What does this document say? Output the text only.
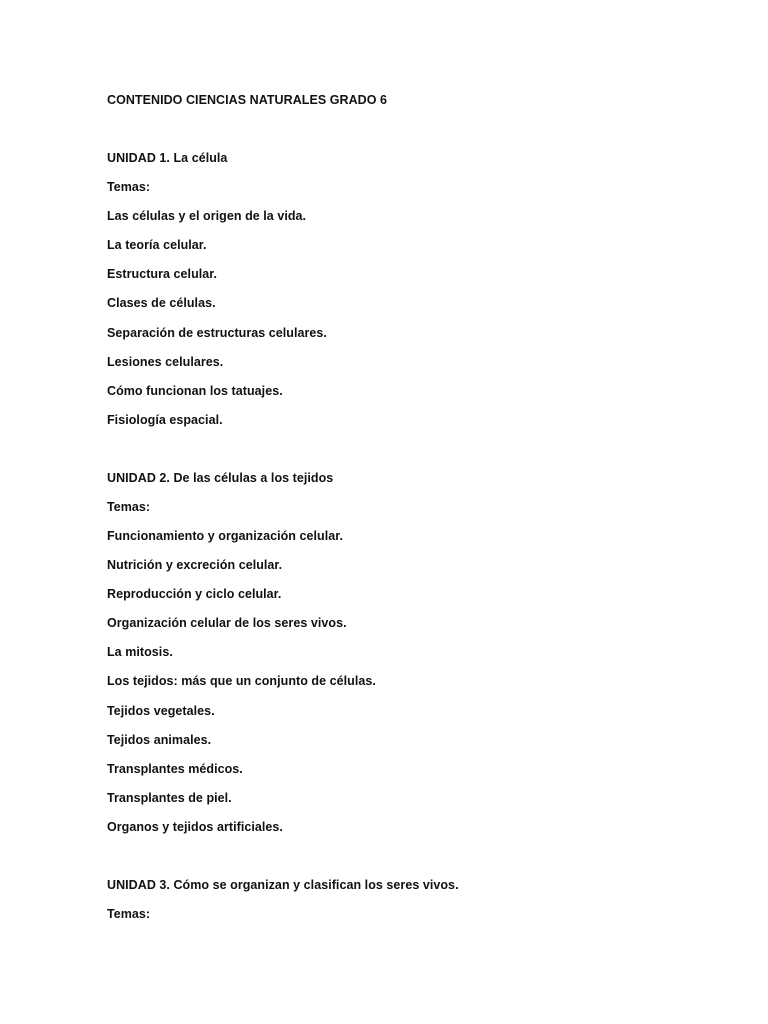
CONTENIDO CIENCIAS NATURALES GRADO 6

UNIDAD 1. La célula

Temas:

Las células y el origen de la vida.

La teoría celular.

Estructura celular.

Clases de células.

Separación de estructuras celulares.

Lesiones celulares.

Cómo funcionan los tatuajes.

Fisiología espacial.

UNIDAD 2. De las células a los tejidos

Temas:

Funcionamiento y organización celular.

Nutrición y excreción celular.

Reproducción y ciclo celular.

Organización celular de los seres vivos.

La mitosis.

Los tejidos: más que un conjunto de células.

Tejidos vegetales.

Tejidos animales.

Transplantes médicos.

Transplantes de piel.

Organos y tejidos artificiales.

UNIDAD 3. Cómo se organizan y clasifican los seres vivos.

Temas:
